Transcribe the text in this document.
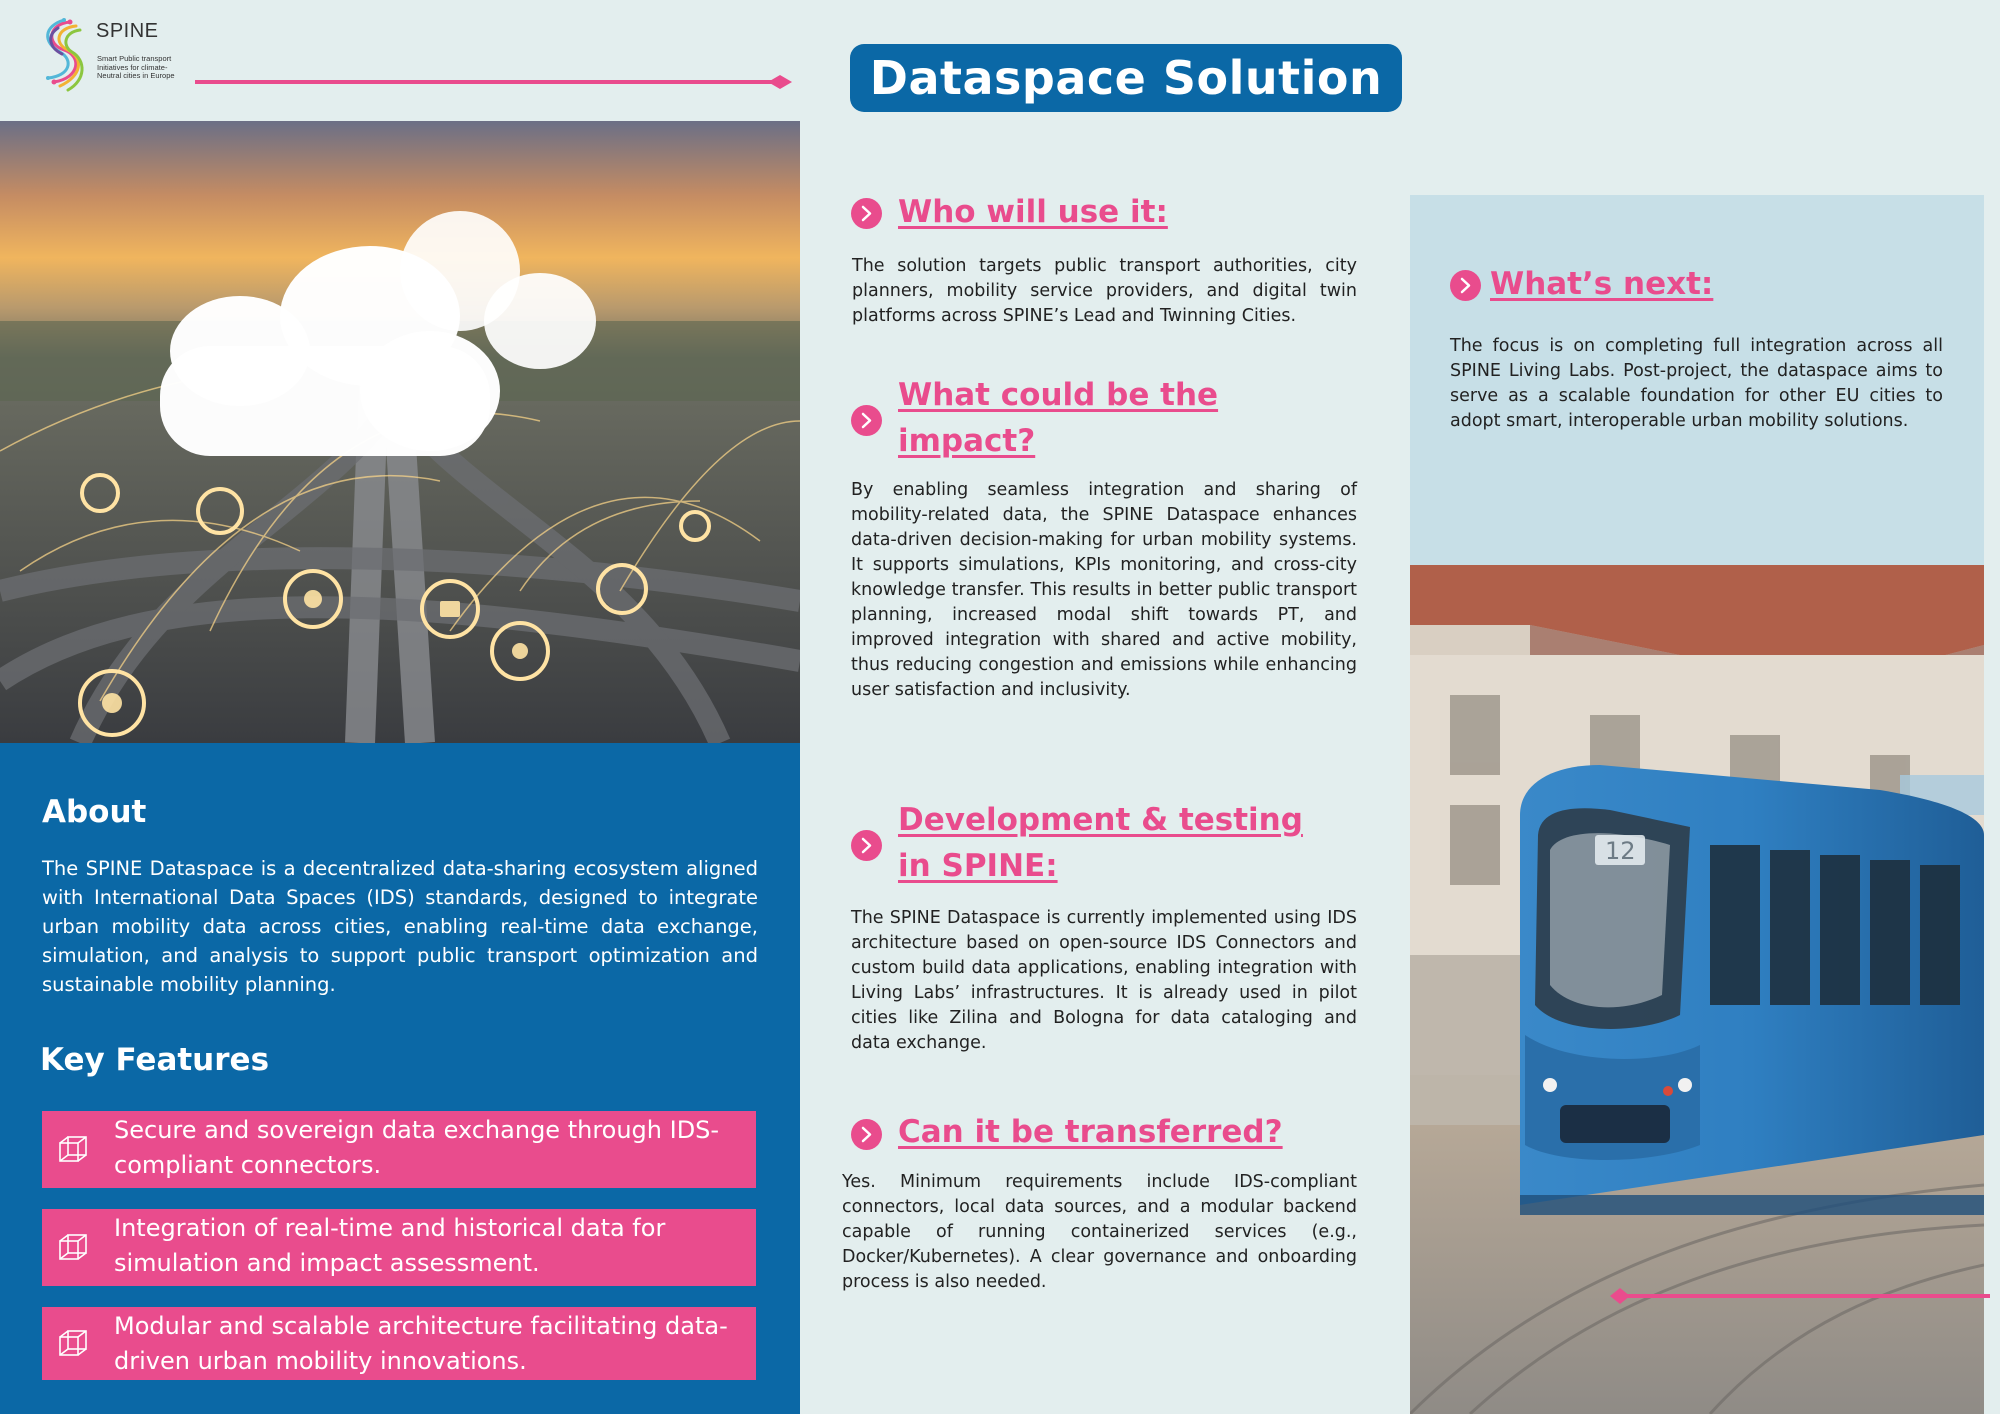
SPINE
Smart Public transport Initiatives for climate-Neutral cities in Europe	Dataspace Solution
About
The SPINE Dataspace is a decentralized data-sharing ecosystem aligned with International Data Spaces (IDS) standards, designed to integrate urban mobility data across cities, enabling real-time data exchange, simulation, and analysis to support public transport optimization and sustainable mobility planning.
Key Features
Secure and sovereign data exchange through IDS-compliant connectors.
Integration of real-time and historical data for simulation and impact assessment.
Modular and scalable architecture facilitating data-driven urban mobility innovations.
Who will use it:
The solution targets public transport authorities, city planners, mobility service providers, and digital twin platforms across SPINE’s Lead and Twinning Cities.
What could be the
impact?
By enabling seamless integration and sharing of mobility-related data, the SPINE Dataspace enhances data-driven decision-making for urban mobility systems. It supports simulations, KPIs monitoring, and cross-city knowledge transfer. This results in better public transport planning, increased modal shift towards PT, and improved integration with shared and active mobility, thus reducing congestion and emissions while enhancing user satisfaction and inclusivity.
Development & testing
in SPINE:
The SPINE Dataspace is currently implemented using IDS architecture based on open-source IDS Connectors and custom build data applications, enabling integration with Living Labs’ infrastructures. It is already used in pilot cities like Zilina and Bologna for data cataloging and data exchange.
Can it be transferred?
Yes. Minimum requirements include IDS-compliant connectors, local data sources, and a modular backend capable of running containerized services (e.g., Docker/Kubernetes). A clear governance and onboarding process is also needed.
What’s next:
The focus is on completing full integration across all SPINE Living Labs. Post-project, the dataspace aims to serve as a scalable foundation for other EU cities to adopt smart, interoperable urban mobility solutions.
12
